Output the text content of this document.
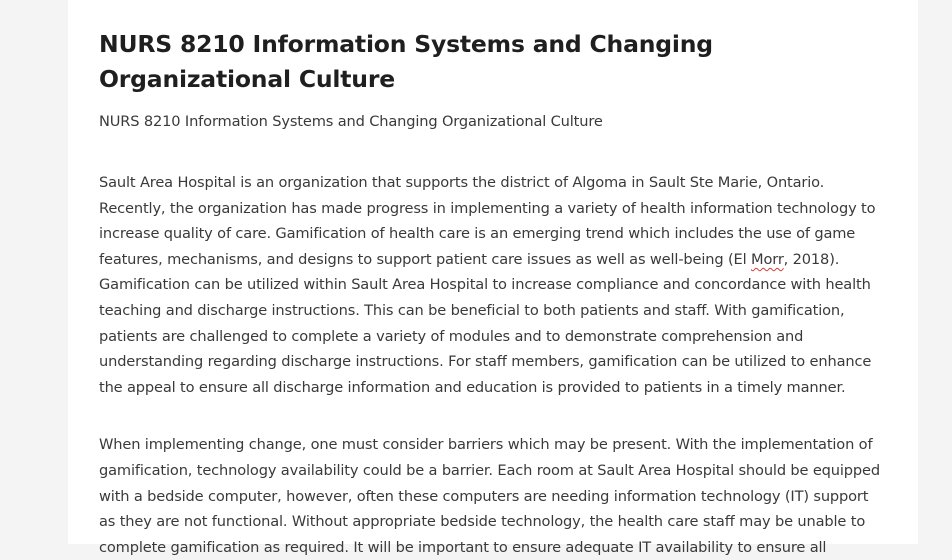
NURS 8210 Information Systems and Changing Organizational Culture

NURS 8210 Information Systems and Changing Organizational Culture

Sault Area Hospital is an organization that supports the district of Algoma in Sault Ste Marie, Ontario. Recently, the organization has made progress in implementing a variety of health information technology to increase quality of care. Gamification of health care is an emerging trend which includes the use of game features, mechanisms, and designs to support patient care issues as well as well-being (El Morr, 2018). Gamification can be utilized within Sault Area Hospital to increase compliance and concordance with health teaching and discharge instructions. This can be beneficial to both patients and staff. With gamification, patients are challenged to complete a variety of modules and to demonstrate comprehension and understanding regarding discharge instructions. For staff members, gamification can be utilized to enhance the appeal to ensure all discharge information and education is provided to patients in a timely manner.

When implementing change, one must consider barriers which may be present. With the implementation of gamification, technology availability could be a barrier. Each room at Sault Area Hospital should be equipped with a bedside computer, however, often these computers are needing information technology (IT) support as they are not functional. Without appropriate bedside technology, the health care staff may be unable to complete gamification as required. It will be important to ensure adequate IT availability to ensure all
